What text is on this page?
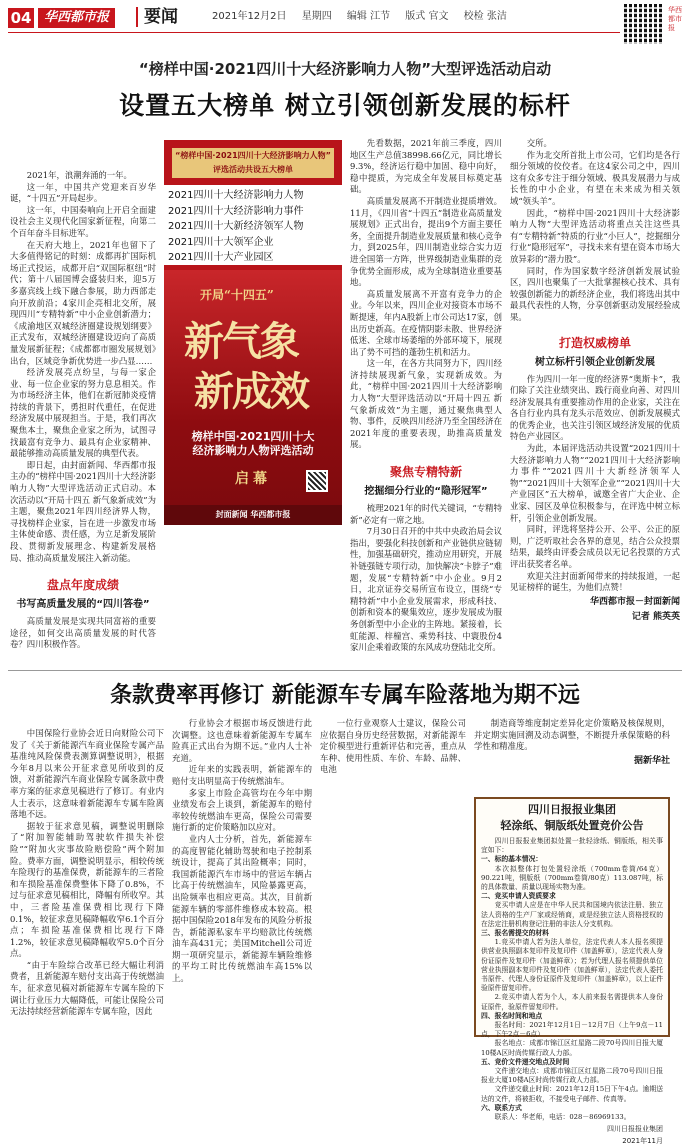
04 华西都市报	要闻	2021年12月2日 星期四 编辑 江节 版式 官文 校检 张洁
华西都市报
“榜样中国·2021四川十大经济影响力人物”大型评选活动启动
设置五大榜单 树立引领创新发展的标杆

2021年，浪潮奔涌的一年。

这一年，中国共产党迎来百岁华诞，“十四五”开局起步。

这一年，中国奏响向上开启全面建设社会主义现代化国家新征程，向第二个百年奋斗目标进军。

在天府大地上，2021年也留下了大多值得铭记的时刻：成都再扩国际机场正式投运，成都开启“双国际枢纽”时代；第十八届国博会盛装归来，迎5万多嘉宾线上线下融合参展，助力西部走向开放前沿；4家川企亮相北交所，展现四川“专精特新”中小企业创新潜力；《成渝地区双城经济圈建设规划纲要》正式发布，双城经济圈建设迈向了高质量发展新征程；《成都都市圈发展规划》出台，区域竞争新优势进一步凸显……

经济发展亮点纷呈，与每一家企业、每一位企业家的努力息息相关。作为市场经济主体，他们在新冠肺炎疫情持续的背景下，勇担时代重任，在促进经济发展中展现担当。于是，我们再次聚焦本土，聚焦企业家之所为，试图寻找最富有竞争力、最具有企业家精神、最能够推动高质量发展的典型代表。

即日起，由封面新闻、华西都市报主办的“榜样中国·2021四川十大经济影响力人物”大型评选活动正式启动。本次活动以“开局十四五 新气象新成效”为主题，聚焦2021年四川经济界人物，寻找榜样企业家，旨在进一步激发市场主体使命感、责任感，为立足新发展阶段、贯彻新发展理念、构建新发展格局、推动高质量发展注入新动能。

盘点年度成绩
书写高质量发展的“四川答卷”

高质量发展是实现共同富裕的重要途径，如何交出高质量发展的时代答卷？四川积极作答。

“榜样中国·2021四川十大经济影响力人物”
评选活动共设五大榜单
2021四川十大经济影响力人物
2021四川十大经济影响力事件
2021四川十大新经济领军人物
2021四川十大领军企业
2021四川十大产业园区
开局“十四五”
新气象
新成效
榜样中国·2021四川十大
经济影响力人物评选活动
启幕
封面新闻 华西都市报

先看数据，2021年前三季度，四川地区生产总值38998.66亿元，同比增长9.3%，经济运行稳中加固、稳中向好，稳中提质，为完成全年发展目标奠定基础。

高质量发展离不开制造业提质增效。11月，《四川省“十四五”制造业高质量发展规划》正式出台，提出9个方面主要任务，全面提升制造业发展质量和核心竞争力，到2025年，四川制造业综合实力迈进全国第一方阵，世界级制造业集群的竞争优势全面形成，成为全球制造业重要基地。

高质量发展离不开富有竞争力的企业。今年以来，四川企业对接资本市场不断提速，年内A股新上市公司达17家，创出历史新高。在疫情阴影未散、世界经济低迷、全球市场萎缩的外部环境下，展现出了势不可挡的蓬勃生机和活力。

这一年，在各方共同努力下，四川经济持续展现新气象，实现新成效。为此，“榜样中国·2021四川十大经济影响力人物”大型评选活动以“开局十四五 新气象新成效”为主题，通过聚焦典型人物、事件，反映四川经济乃至全国经济在2021年度的重要表现，助推高质量发展。

聚焦专精特新
挖掘细分行业的“隐形冠军”

梳理2021年的时代关键词，“专精特新”必定有一席之地。

7月30日召开的中共中央政治局会议指出，要强化科技创新和产业链供应链韧性，加强基础研究，推动应用研究，开展补链强链专项行动，加快解决“卡脖子”难题，发展“专精特新”中小企业。9月2日，北京证券交易所宣布设立，围绕“专精特新”中小企业发展需求，形成科技、创新和资本的聚集效应，逐步发展成为服务创新型中小企业的主阵地。紧接着，长虹能源、梓橦宫、乘势科技、中寰股份4家川企乘着政策的东风成功登陆北交所。

交所。

作为北交所首批上市公司，它们均是各行细分领域的佼佼者。在这4家公司之中，四川这有众多专注于细分领域、极具发展潜力与成长性的中小企业，有望在未来成为相关领域“领头羊”。

因此，“榜样中国·2021四川十大经济影响力人物”大型评选活动将重点关注这些具有“专精特新”特质的行业“小巨人”，挖掘细分行业“隐形冠军”，寻找未来有望在资本市场大放异彩的“潜力股”。

同时，作为国家数字经济创新发展试验区，四川也聚集了一大批掌握核心技术、具有较强创新能力的新经济企业，我们将选出其中最具代表性的人物，分享创新驱动发展经验成果。

打造权威榜单
树立标杆引领企业创新发展

作为四川一年一度的经济界“奥斯卡”，我们除了关注业绩突出、践行商业向善、对四川经济发展具有重要推动作用的企业家，关注在各自行业内具有龙头示范效应、创新发展模式的优秀企业，也关注引领区域经济发展的优质特色产业园区。

为此，本届评选活动共设置“2021四川十大经济影响力人物”“2021四川十大经济影响力事件”“2021四川十大新经济领军人物”“2021四川十大领军企业”“2021四川十大产业园区”五大榜单，诚邀全省广大企业、企业家、园区及单位积极参与，在评选中树立标杆，引领企业创新发展。

同时，评选将坚持公开、公平、公正的原则，广泛听取社会各界的意见，结合公众投票结果，最终由评委会成员以无记名投票的方式评出获奖者名单。

欢迎关注封面新闻带来的持续报道，一起见证榜样的诞生，为他们点赞！

华西都市报－封面新闻
记者 熊英英
条款费率再修订 新能源车专属车险落地为期不远

中国保险行业协会近日向财险公司下发了《关于新能源汽车商业保险专属产品基准纯风险保费表测算调整说明》，根据今年8月以来公开征求意见所收到的反馈，对新能源汽车商业保险专属条款中费率方案的征求意见稿进行了修订。有业内人士表示，这意味着新能源车专属车险离落地不远。

据较于征求意见稿，调整说明删除了“附加智能辅助驾驶软件损失补偿险”“附加火灾事故险赔偿险”两个附加险。费率方面，调整说明显示，相较传统车险现行的基准保费，新能源车的三者险和车损险基准保费整体下降了0.8%，不过与征求意见稿相比，降幅有所收窄。其中，三者险基准保费相比现行下降0.1%，较征求意见稿降幅收窄6.1个百分点；车损险基准保费相比现行下降1.2%，较征求意见稿降幅收窄5.0个百分点。

“由于车险综合改革已经大幅让利消费者，且新能源车赔付支出高于传统燃油车，征求意见稿对新能源车专属车险的下调让行业压力大幅降低，可能让保险公司无法持续经营新能源车专属车险，因此

行业协会才根据市场反馈进行此次调整。这也意味着新能源车专属车险真正式出台为期不远。”业内人士补充道。

近年来的实践表明，新能源车的赔付支出明显高于传统燃油车。

多家上市险企高管均在今年中期业绩发布会上谈到，新能源车的赔付率较传统燃油车更高，保险公司需要施行新的定价策略加以应对。

业内人士分析，首先，新能源车的高度智能化辅助驾驶和电子控制系统设计，提高了其出险概率；同时，我国新能源汽车市场中的营运车辆占比高于传统燃油车，风险暴露更高，出险频率也相应更高。其次，目前新能源车辆的零部件维修成本较高。根据中国保险2018年发布的风险分析报告，新能源私家车平均赔款比传统燃油车高431元；美国Mitchell公司近期一项研究显示，新能源车辆险维修的平均工时比传统燃油车高15%以上。

一位行业观察人士建议，保险公司应依据自身历史经营数据，对新能源车定价模型进行重新评估和完善，重点从车种、使用性质、车价、车龄、品牌、电池

制造商等维度制定差异化定价策略及核保规则，并定期实施回溯及动态调整，不断提升承保策略的科学性和精准度。

据新华社
四川日报报业集团
轻涂纸、铜版纸处置竞价公告

四川日报报业集团拟处置一批轻涂纸、铜版纸，相关事宜如下：

一、标的基本情况：

本次拟整体打包处置轻涂纸（700mm卷筒/64克）90.221吨，铜版纸（700mm卷筒/80克）113.087吨，标的具体数量、质量以现场实物为准。

二、竞买申请人资质要求

竞买申请人应是在中华人民共和国境内依法注册、独立法人资格的生产厂家或经销商，或是经独立法人资格授权的在法定注册机构登记注册的非法人分支机构。

三、报名需提交的材料

1.竞买申请人若为法人单位，法定代表人本人报名须提供营业执照副本复印件及复印件（加盖鲜章），法定代表人身份证原件及复印件（加盖鲜章）；若为代理人报名须提供单位营业执照副本复印件及复印件（加盖鲜章），法定代表人委托书原件、代理人身份证原件及复印件（加盖鲜章），以上证件验原件留复印件。

2.竞买申请人若为个人，本人前来报名需提供本人身份证原件，验原件留复印件。

四、报名时间和地点

报名时间：2021年12月1日－12月7日（上午9点－11点，下午2点－6点）

报名地点：成都市锦江区红星路二段70号四川日报大厦10楼A区时尚传媒行政人力部。

五、竞价文件递交地点及时间

文件递交地点：成都市锦江区红星路二段70号四川日报报业大厦10楼A区时尚传媒行政人力部。

文件递交截止时间：2021年12月15日下午4点。逾期送达的文件，将被拒收，不接受电子邮件、传真等。

六、联系方式

联系人：华老师，电话：028－86969133。

四川日报报业集团
2021年11月
